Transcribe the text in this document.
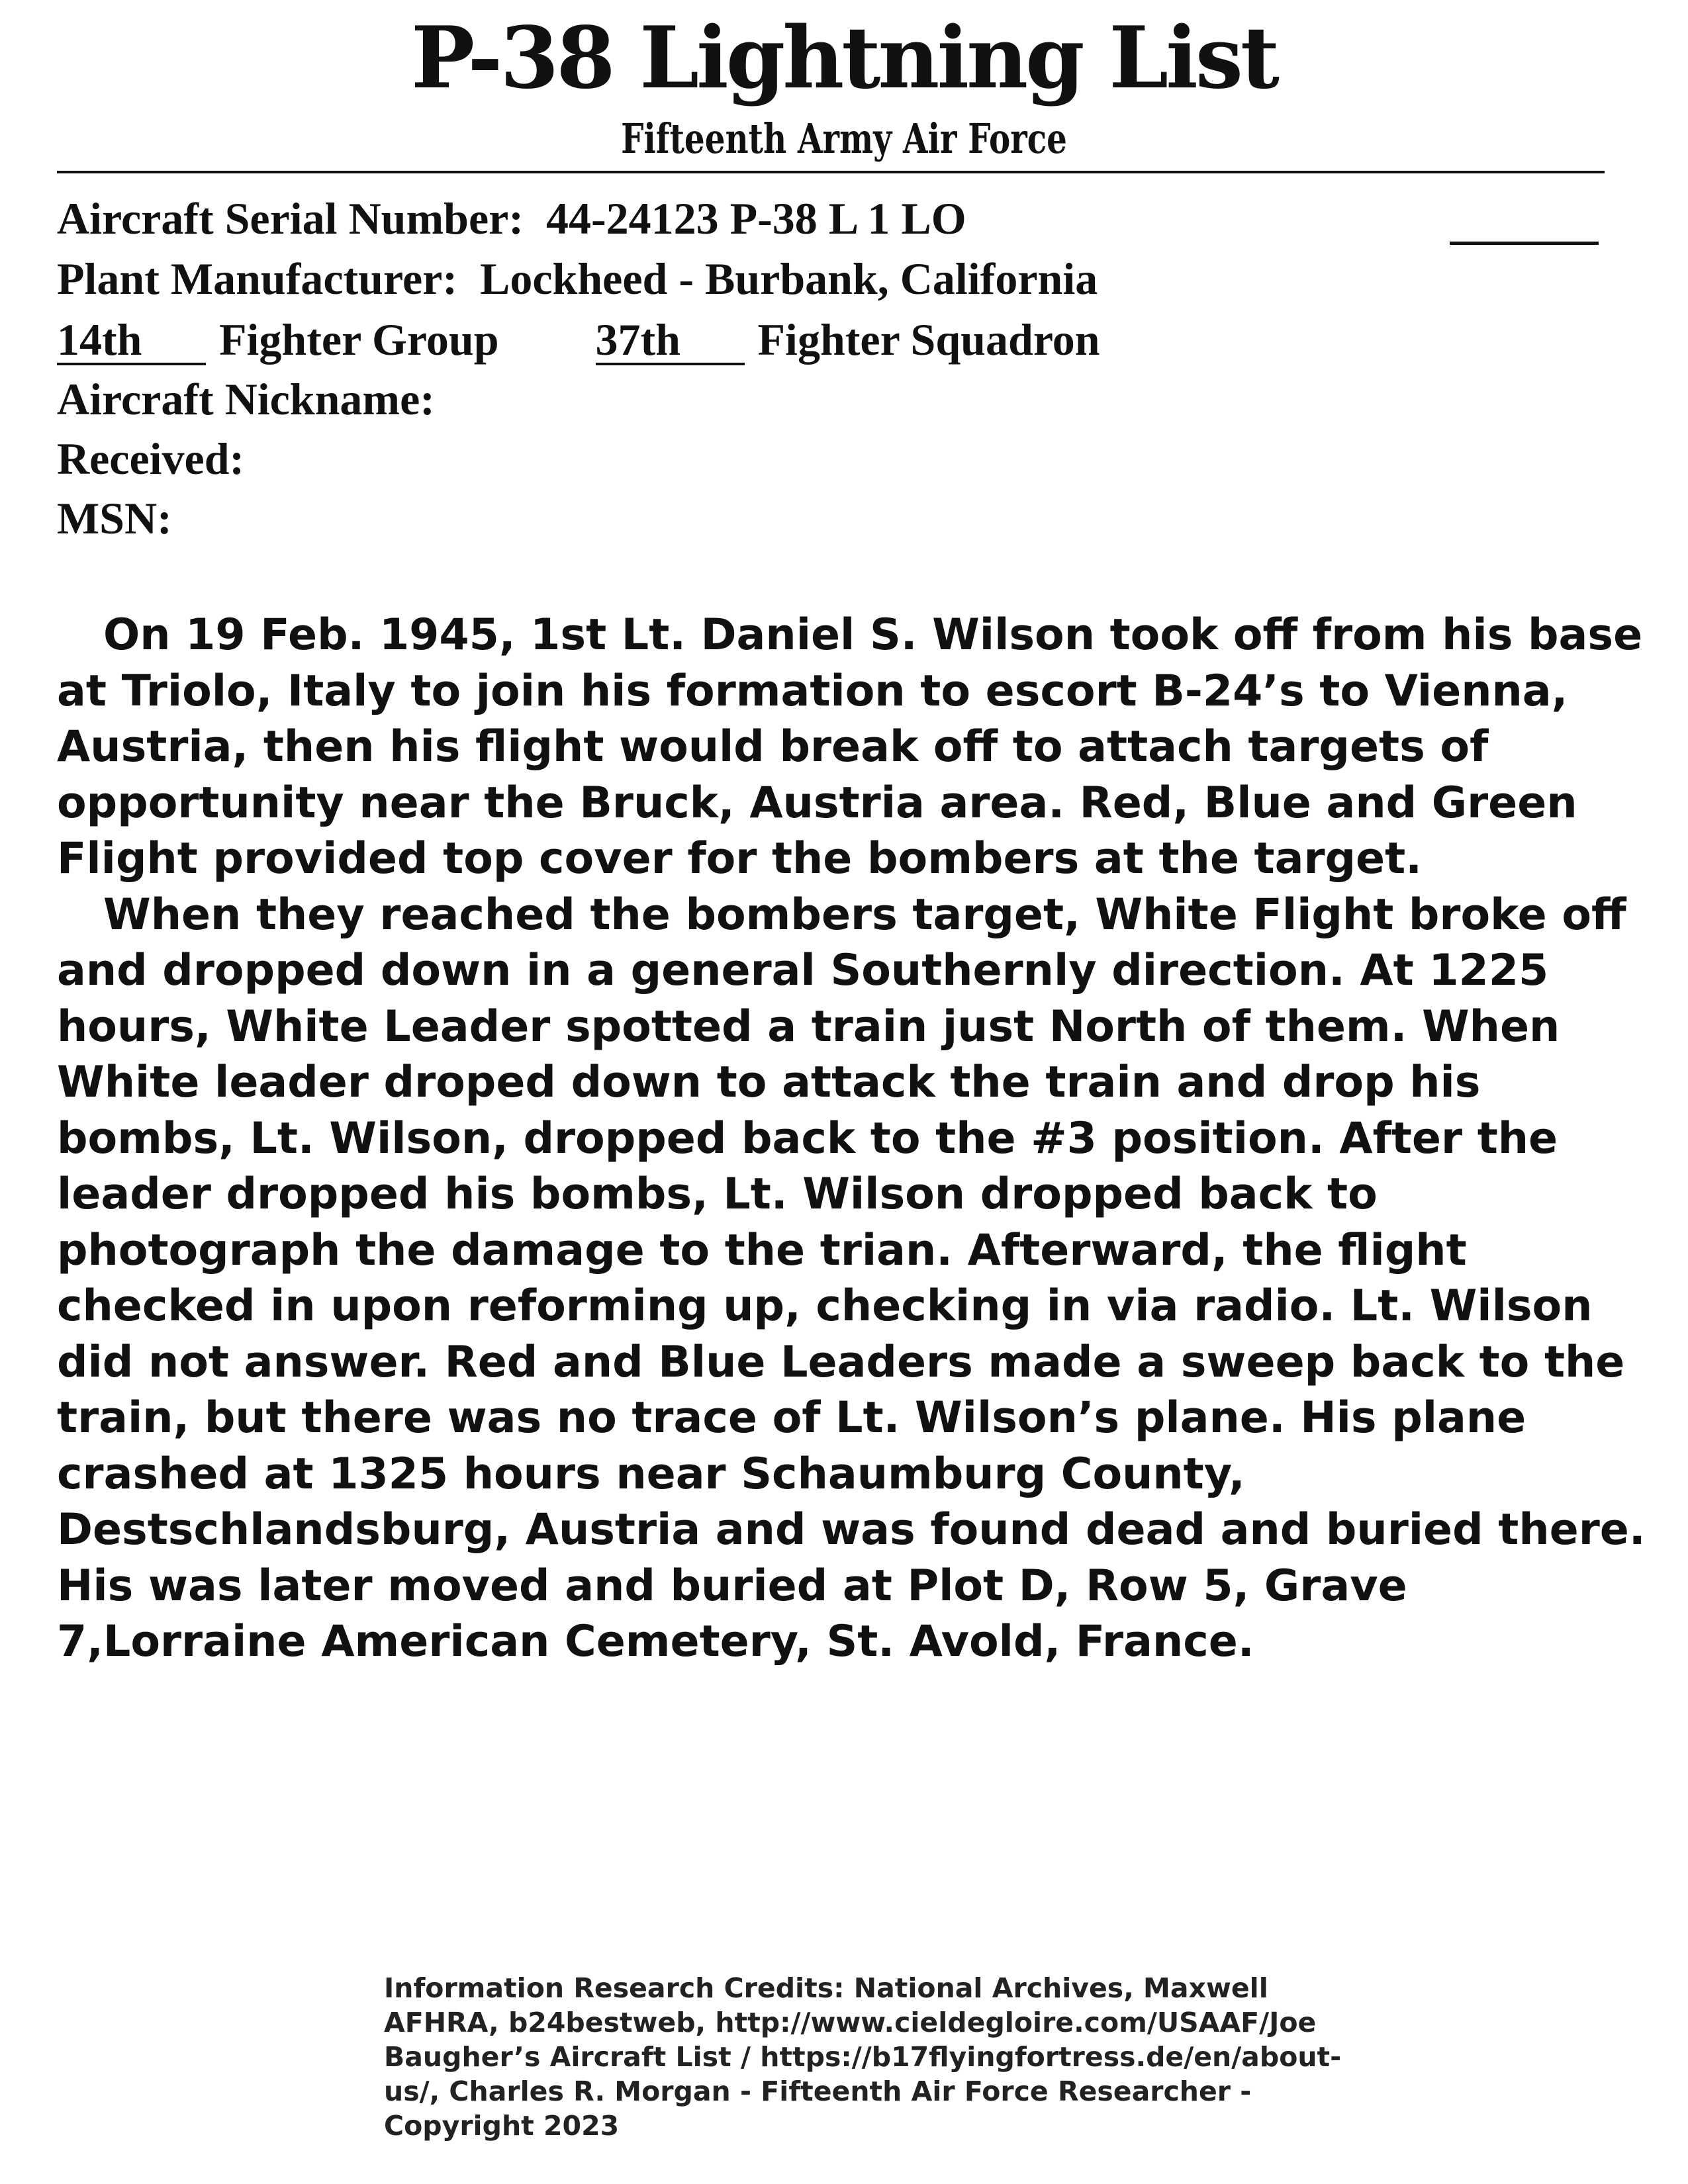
P-38 Lightning List
Fifteenth Army Air Force
Aircraft Serial Number: 44-24123 P-38 L 1 LO
Plant Manufacturer: Lockheed - Burbank, California
14th Fighter Group 37th Fighter Squadron
Aircraft Nickname:
Received:
MSN:

On 19 Feb. 1945, 1st Lt. Daniel S. Wilson took off from his base at Triolo, Italy to join his formation to escort B-24’s to Vienna, Austria, then his flight would break off to attach targets of opportunity near the Bruck, Austria area. Red, Blue and Green Flight provided top cover for the bombers at the target.

When they reached the bombers target, White Flight broke off and dropped down in a general Southernly direction. At 1225 hours, White Leader spotted a train just North of them. When White leader droped down to attack the train and drop his bombs, Lt. Wilson, dropped back to the #3 position. After the leader dropped his bombs, Lt. Wilson dropped back to photograph the damage to the trian. Afterward, the flight checked in upon reforming up, checking in via radio. Lt. Wilson did not answer. Red and Blue Leaders made a sweep back to the train, but there was no trace of Lt. Wilson’s plane. His plane crashed at 1325 hours near Schaumburg County, Destschlandsburg, Austria and was found dead and buried there. His was later moved and buried at Plot D, Row 5, Grave 7,Lorraine American Cemetery, St. Avold, France.

Information Research Credits: National Archives, Maxwell AFHRA, b24bestweb, http://www.cieldegloire.com/USAAF/Joe Baugher’s Aircraft List / https://b17flyingfortress.de/en/about-us/, Charles R. Morgan - Fifteenth Air Force Researcher - Copyright 2023
